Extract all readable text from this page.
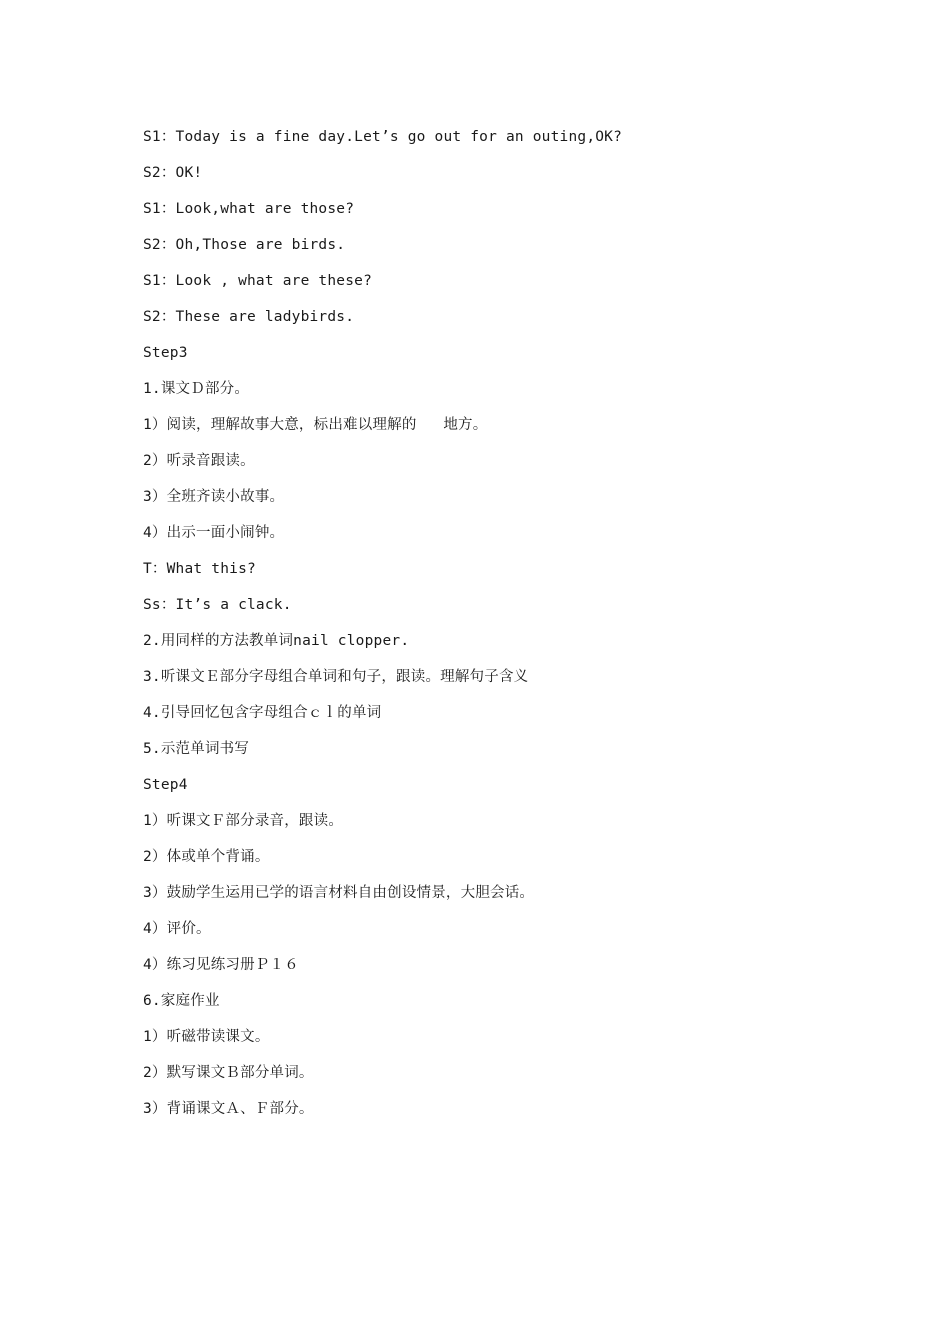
S1：Today is a fine day.Let’s go out for an outing,OK?
S2：OK!
S1：Look,what are those?
S2：Oh,Those are birds.
S1：Look , what are these?
S2：These are ladybirds.
Step3
1.课文Ｄ部分。
1）阅读，理解故事大意，标出难以理解的   地方。
2）听录音跟读。
3）全班齐读小故事。
4）出示一面小闹钟。
T：What this?
Ss：It’s a clack.
2.用同样的方法教单词nail clopper.
3.听课文Ｅ部分字母组合单词和句子，跟读。理解句子含义
4.引导回忆包含字母组合ｃｌ的单词
5.示范单词书写
Step4
1）听课文Ｆ部分录音，跟读。
2）体或单个背诵。
3）鼓励学生运用已学的语言材料自由创设情景，大胆会话。
4）评价。
4）练习见练习册Ｐ１６
6.家庭作业
1）听磁带读课文。
2）默写课文Ｂ部分单词。
3）背诵课文Ａ、Ｆ部分。
